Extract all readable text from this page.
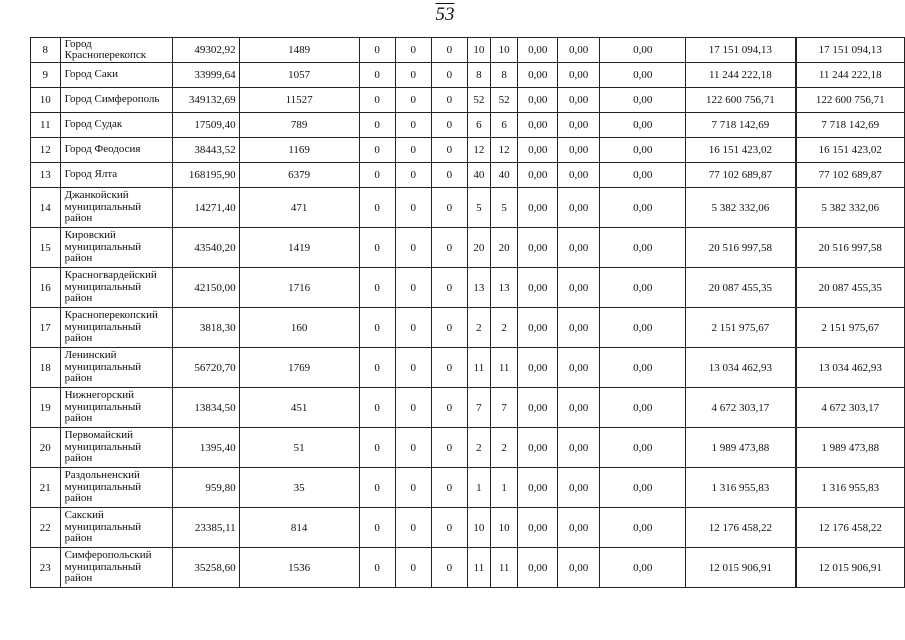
53
8	Город Красноперекопск	49302,92	1489	0	0	0	10	10	0,00	0,00	0,00	17 151 094,13	17 151 094,13
9	Город Саки	33999,64	1057	0	0	0	8	8	0,00	0,00	0,00	11 244 222,18	11 244 222,18
10	Город Симферополь	349132,69	11527	0	0	0	52	52	0,00	0,00	0,00	122 600 756,71	122 600 756,71
11	Город Судак	17509,40	789	0	0	0	6	6	0,00	0,00	0,00	7 718 142,69	7 718 142,69
12	Город Феодосия	38443,52	1169	0	0	0	12	12	0,00	0,00	0,00	16 151 423,02	16 151 423,02
13	Город Ялта	168195,90	6379	0	0	0	40	40	0,00	0,00	0,00	77 102 689,87	77 102 689,87
14	Джанкойский муниципальный район	14271,40	471	0	0	0	5	5	0,00	0,00	0,00	5 382 332,06	5 382 332,06
15	Кировский муниципальный район	43540,20	1419	0	0	0	20	20	0,00	0,00	0,00	20 516 997,58	20 516 997,58
16	Красногвардейский муниципальный район	42150,00	1716	0	0	0	13	13	0,00	0,00	0,00	20 087 455,35	20 087 455,35
17	Красноперекопский муниципальный район	3818,30	160	0	0	0	2	2	0,00	0,00	0,00	2 151 975,67	2 151 975,67
18	Ленинский муниципальный район	56720,70	1769	0	0	0	11	11	0,00	0,00	0,00	13 034 462,93	13 034 462,93
19	Нижнегорский муниципальный район	13834,50	451	0	0	0	7	7	0,00	0,00	0,00	4 672 303,17	4 672 303,17
20	Первомайский муниципальный район	1395,40	51	0	0	0	2	2	0,00	0,00	0,00	1 989 473,88	1 989 473,88
21	Раздольненский муниципальный район	959,80	35	0	0	0	1	1	0,00	0,00	0,00	1 316 955,83	1 316 955,83
22	Сакский муниципальный район	23385,11	814	0	0	0	10	10	0,00	0,00	0,00	12 176 458,22	12 176 458,22
23	Симферопольский муниципальный район	35258,60	1536	0	0	0	11	11	0,00	0,00	0,00	12 015 906,91	12 015 906,91
